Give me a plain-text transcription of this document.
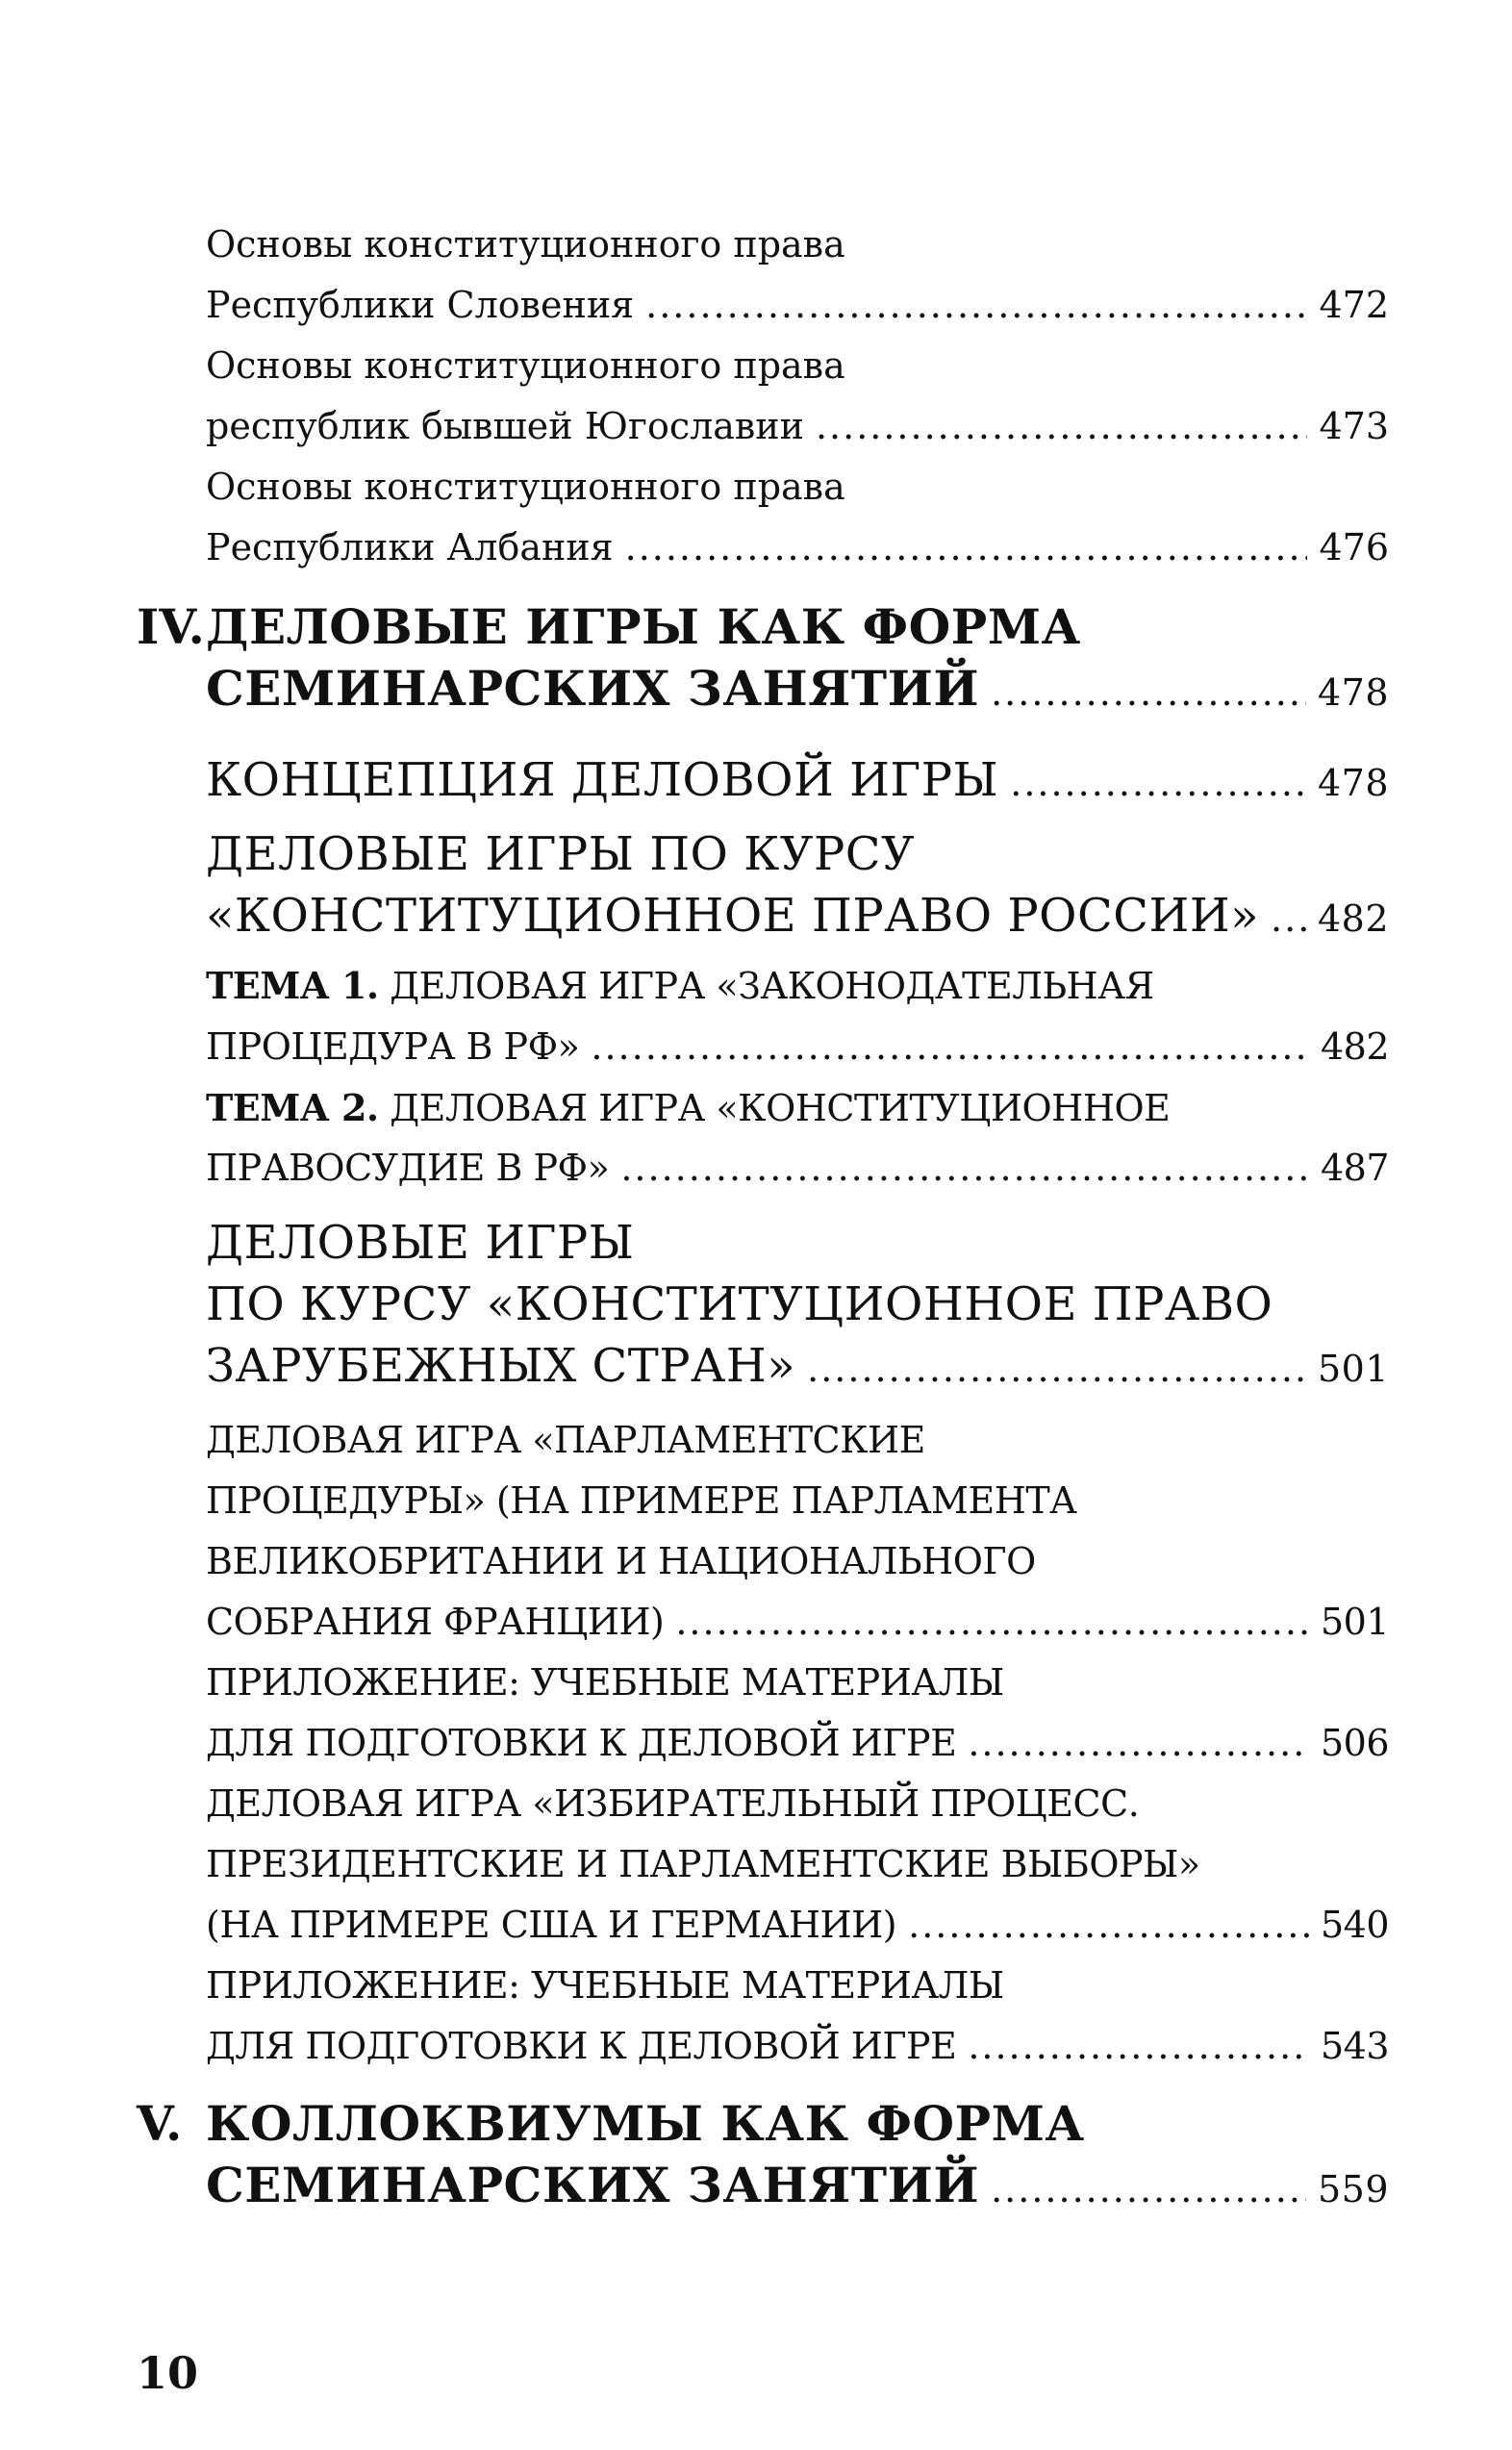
Основы конституционного права
Республики Словения .....	472
Основы конституционного права
республик бывшей Югославии .....	473
Основы конституционного права
Республики Албания .....	476
IV. ДЕЛОВЫЕ ИГРЫ КАК ФОРМА
СЕМИНАРСКИХ ЗАНЯТИЙ .....	478
КОНЦЕПЦИЯ ДЕЛОВОЙ ИГРЫ .....	478
ДЕЛОВЫЕ ИГРЫ ПО КУРСУ
«КОНСТИТУЦИОННОЕ ПРАВО РОССИИ» ..... 482
ТЕМА 1. ДЕЛОВАЯ ИГРА «ЗАКОНОДАТЕЛЬНАЯ
ПРОЦЕДУРА В РФ» .....	482
ТЕМА 2. ДЕЛОВАЯ ИГРА «КОНСТИТУЦИОННОЕ
ПРАВОСУДИЕ В РФ» .....	487
ДЕЛОВЫЕ ИГРЫ
ПО КУРСУ «КОНСТИТУЦИОННОЕ ПРАВО
ЗАРУБЕЖНЫХ СТРАН» .....	501
ДЕЛОВАЯ ИГРА «ПАРЛАМЕНТСКИЕ
ПРОЦЕДУРЫ» (НА ПРИМЕРЕ ПАРЛАМЕНТА
ВЕЛИКОБРИТАНИИ И НАЦИОНАЛЬНОГО
СОБРАНИЯ ФРАНЦИИ) .....	501
ПРИЛОЖЕНИЕ: УЧЕБНЫЕ МАТЕРИАЛЫ
ДЛЯ ПОДГОТОВКИ К ДЕЛОВОЙ ИГРЕ .....	506
ДЕЛОВАЯ ИГРА «ИЗБИРАТЕЛЬНЫЙ ПРОЦЕСС.
ПРЕЗИДЕНТСКИЕ И ПАРЛАМЕНТСКИЕ ВЫБОРЫ»
(НА ПРИМЕРЕ США И ГЕРМАНИИ) .....	540
ПРИЛОЖЕНИЕ: УЧЕБНЫЕ МАТЕРИАЛЫ
ДЛЯ ПОДГОТОВКИ К ДЕЛОВОЙ ИГРЕ .....	543
V. КОЛЛОКВИУМЫ КАК ФОРМА
СЕМИНАРСКИХ ЗАНЯТИЙ .....	559
10
